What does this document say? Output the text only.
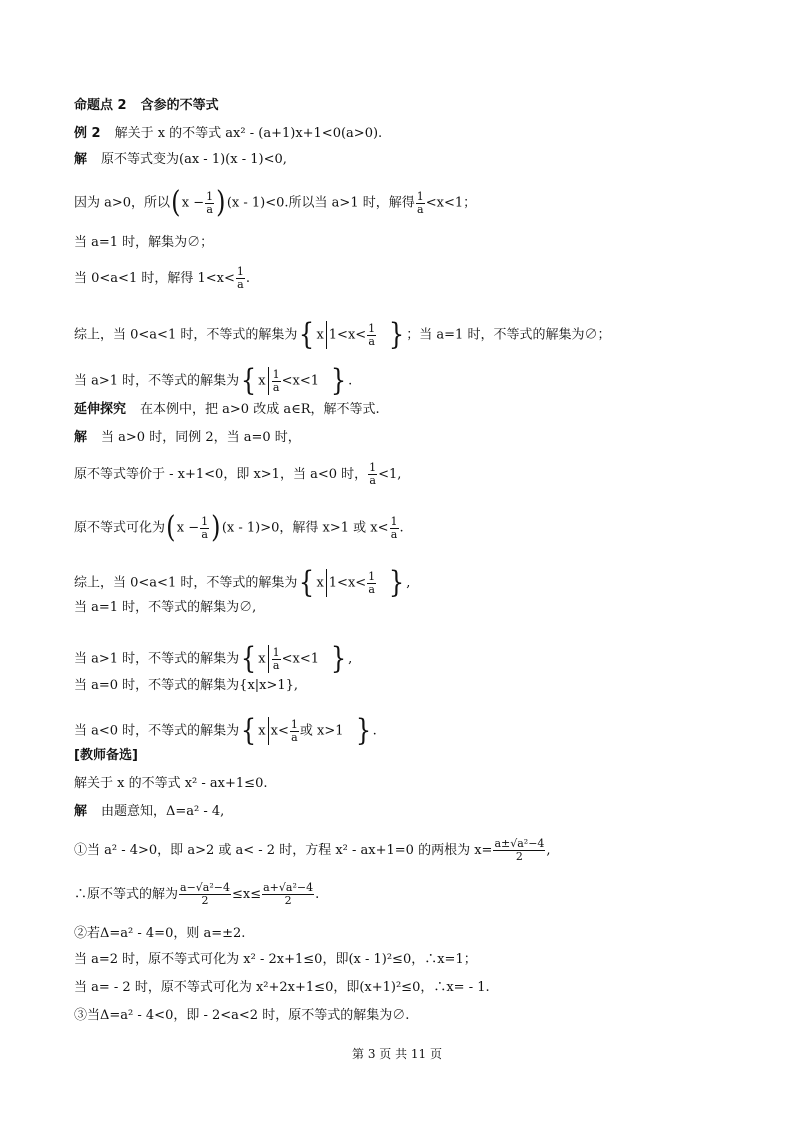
命题点 2 含参的不等式
例 2 解关于 x 的不等式 ax² - (a+1)x+1<0(a>0).
解 原不等式变为(ax - 1)(x - 1)<0,
因为 a>0，所以$(x - \frac{1}{a} )(x - 1)<0$.所以当 a>1 时，解得 $\frac{1}{a} <x<1$；
当 a=1 时，解集为∅；
当 0<a<1 时，解得 $1<x< \frac{1}{a}$ .
综上，当 0<a<1 时，不等式的解集为{ x $1<x< \frac{1}{a}$ } ；当 a=1 时，不等式的解集为∅；
当 a>1 时，不等式的解集为{ x $\frac{1}{a} <x<1$ } .
延伸探究 在本例中，把 a>0 改成 a∈R，解不等式.
解 当 a>0 时，同例 2，当 a=0 时，
原不等式等价于 - x+1<0，即 x>1，当 a<0 时， $\frac{1}{a} <1$,
原不等式可化为$(x - \frac{1}{a} )(x - 1)>0$，解得 x>1 或 $x< \frac{1}{a}$ .
综上，当 0<a<1 时，不等式的解集为{ x $1<x< \frac{1}{a}$ } ,
当 a=1 时，不等式的解集为∅,
当 a>1 时，不等式的解集为{ x $\frac{1}{a} <x<1$ } ,
当 a=0 时，不等式的解集为{x|x>1},
当 a<0 时，不等式的解集为{ x $x< \frac{1}{a}$ 或 x>1 } .
[教师备选]
解关于 x 的不等式 x² - ax+1≤0.
解 由题意知，Δ=a² - 4,
①当 a² - 4>0，即 a>2 或 a< - 2 时，方程 x² - ax+1=0 的两根为 $x= \frac{\text{a±√a²−4}}{2}$ ,
∴原不等式的解为 $\frac{\text{a−√a²−4}}{2} \le x\le \frac{\text{a+√a²−4}}{2}$ .
②若Δ=a² - 4=0，则 a=±2.
当 a=2 时，原不等式可化为 x² - 2x+1≤0，即(x - 1)²≤0，∴x=1；
当 a= - 2 时，原不等式可化为 x²+2x+1≤0，即(x+1)²≤0，∴x= - 1.
③当Δ=a² - 4<0，即 - 2<a<2 时，原不等式的解集为∅.
第 3 页 共 11 页
